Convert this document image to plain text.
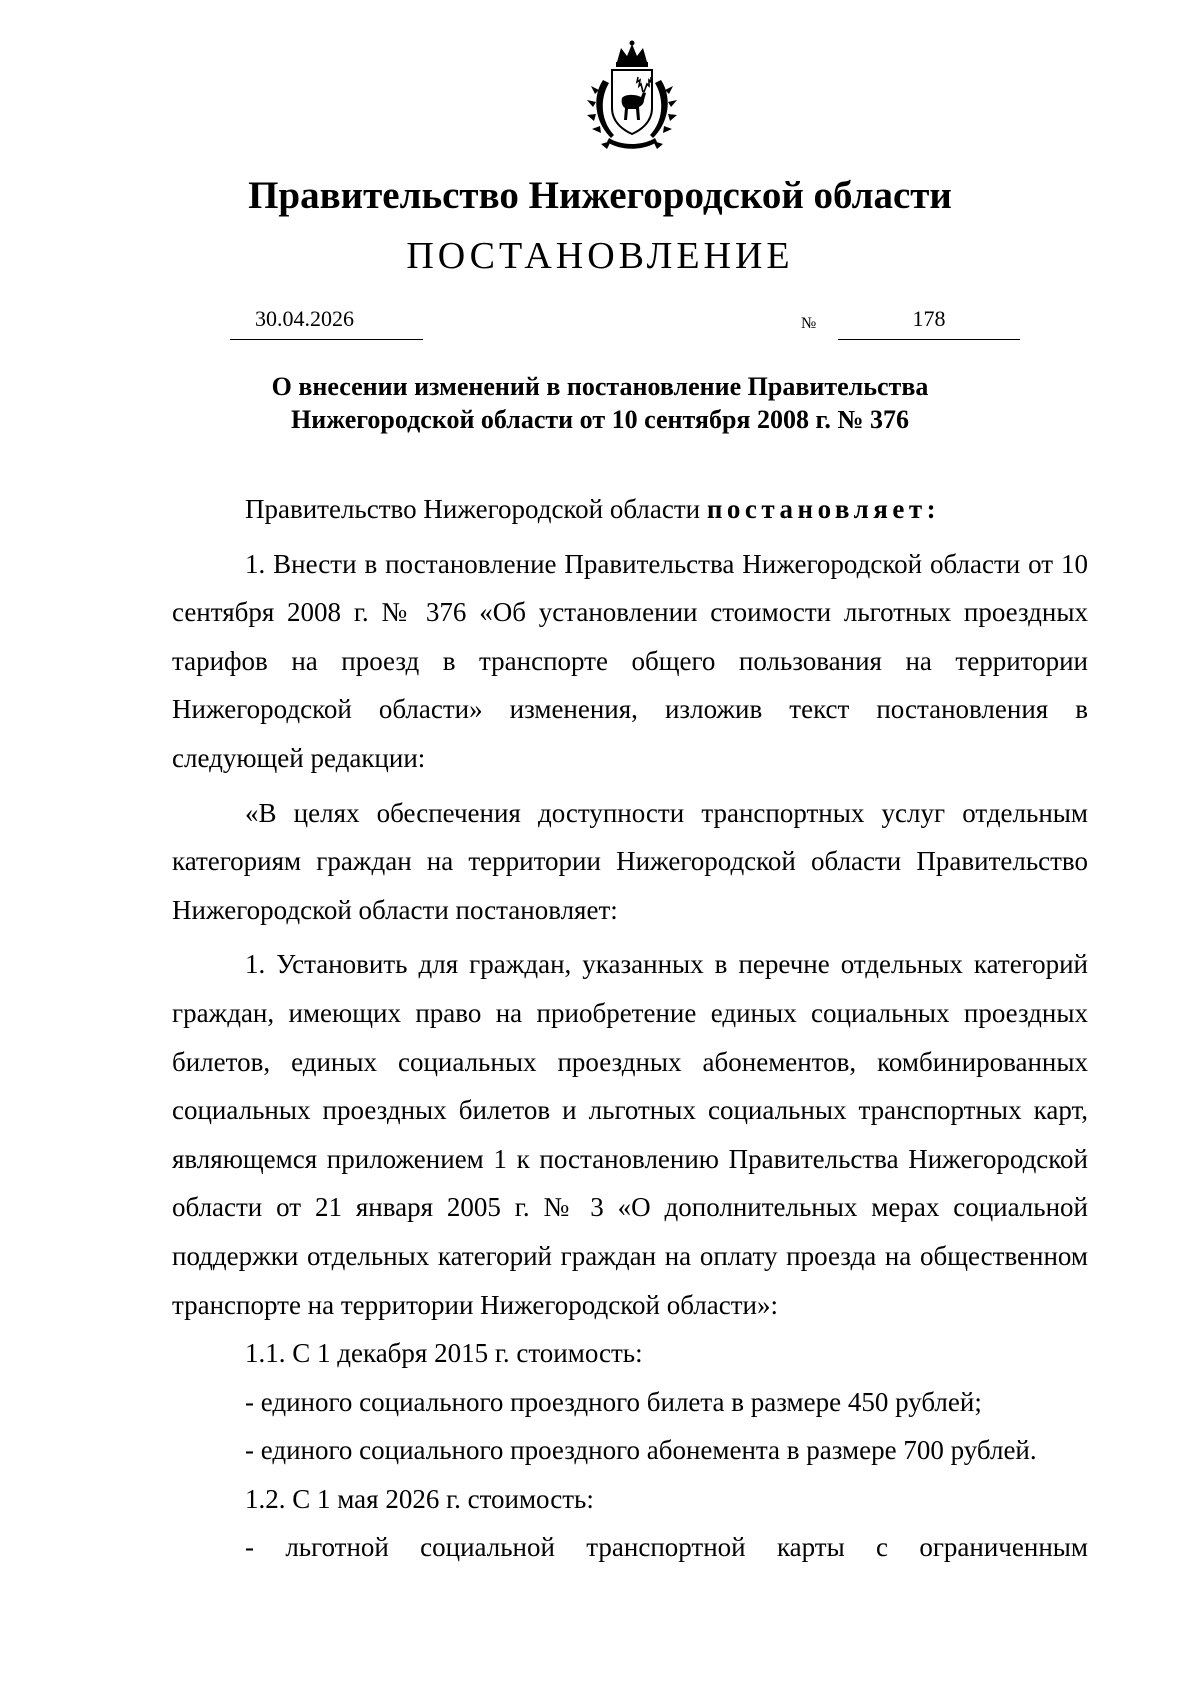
Правительство Нижегородской области
ПОСТАНОВЛЕНИЕ
30.04.2026	№	178
О внесении изменений в постановление Правительства
Нижегородской области от 10 сентября 2008 г. № 376

Правительство Нижегородской области постановляет:

1. Внести в постановление Правительства Нижегородской области от 10 сентября 2008 г. № 376 «Об установлении стоимости льготных проездных тарифов на проезд в транспорте общего пользования на территории Нижегородской области» изменения, изложив текст постановления в следующей редакции:

«В целях обеспечения доступности транспортных услуг отдельным категориям граждан на территории Нижегородской области Правительство Нижегородской области постановляет:

1. Установить для граждан, указанных в перечне отдельных категорий граждан, имеющих право на приобретение единых социальных проездных билетов, единых социальных проездных абонементов, комбинированных социальных проездных билетов и льготных социальных транспортных карт, являющемся приложением 1 к постановлению Правительства Нижегородской области от 21 января 2005 г. № 3 «О дополнительных мерах социальной поддержки отдельных категорий граждан на оплату проезда на общественном транспорте на территории Нижегородской области»:

1.1. С 1 декабря 2015 г. стоимость:

- единого социального проездного билета в размере 450 рублей;

- единого социального проездного абонемента в размере 700 рублей.

1.2. С 1 мая 2026 г. стоимость:

- льготной социальной транспортной карты с ограниченным
